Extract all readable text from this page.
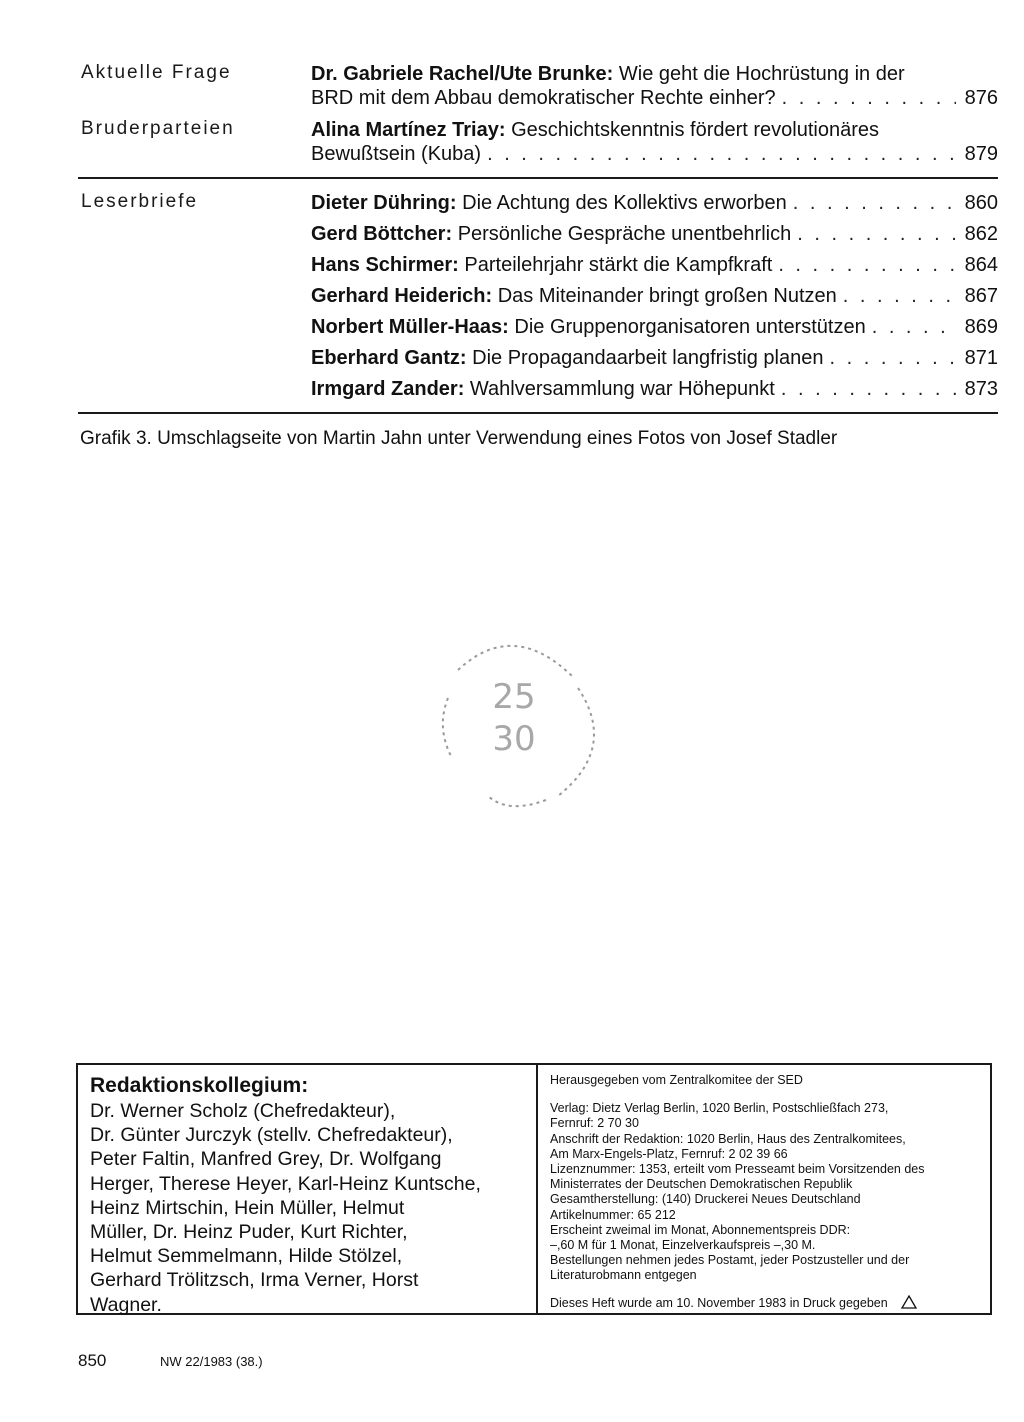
Aktuelle Frage	Dr. Gabriele Rachel/Ute Brunke:
Wie geht die Hochrüstung in der
BRD mit dem Abbau demokratischer Rechte einher? . . .	876
Bruderparteien	Alina Martínez Triay:
Geschichtskenntnis fördert revolutionäres
Bewußtsein (Kuba) . . .	879
Leserbriefe	Dieter Dühring:
Die Achtung des Kollektivs erworben . . .	860
Gerd Böttcher:
Persönliche Gespräche unentbehrlich . . .	862
Hans Schirmer:
Parteilehrjahr stärkt die Kampfkraft . . .	864
Gerhard Heiderich:
Das Miteinander bringt großen Nutzen . . .	867
Norbert Müller-Haas:
Die Gruppenorganisatoren unterstützen . . .	869
Eberhard Gantz:
Die Propagandaarbeit langfristig planen . . .	871
Irmgard Zander:
Wahlversammlung war Höhepunkt . . .	873
Grafik 3. Umschlagseite von Martin Jahn unter Verwendung eines Fotos von Josef Stadler
25
30
Redaktionskollegium:
Dr. Werner Scholz (Chefredakteur),
Dr. Günter Jurczyk (stellv. Chefredakteur),
Peter Faltin, Manfred Grey, Dr. Wolfgang
Herger, Therese Heyer, Karl-Heinz Kuntsche,
Heinz Mirtschin, Hein Müller, Helmut
Müller, Dr. Heinz Puder, Kurt Richter,
Helmut Semmelmann, Hilde Stölzel,
Gerhard Trölitzsch, Irma Verner, Horst
Wagner.

Herausgegeben vom Zentralkomitee der SED

Verlag: Dietz Verlag Berlin, 1020 Berlin, Postschließfach 273,

Fernruf: 2 70 30

Anschrift der Redaktion: 1020 Berlin, Haus des Zentralkomitees,

Am Marx-Engels-Platz, Fernruf: 2 02 39 66

Lizenznummer: 1353, erteilt vom Presseamt beim Vorsitzenden des

Ministerrates der Deutschen Demokratischen Republik

Gesamtherstellung: (140) Druckerei Neues Deutschland

Artikelnummer: 65 212

Erscheint zweimal im Monat, Abonnementspreis DDR:

–,60 M für 1 Monat, Einzelverkaufspreis –,30 M.

Bestellungen nehmen jedes Postamt, jeder Postzusteller und der

Literaturobmann entgegen

Dieses Heft wurde am 10. November 1983 in Druck gegeben

850	NW 22/1983 (38.)
